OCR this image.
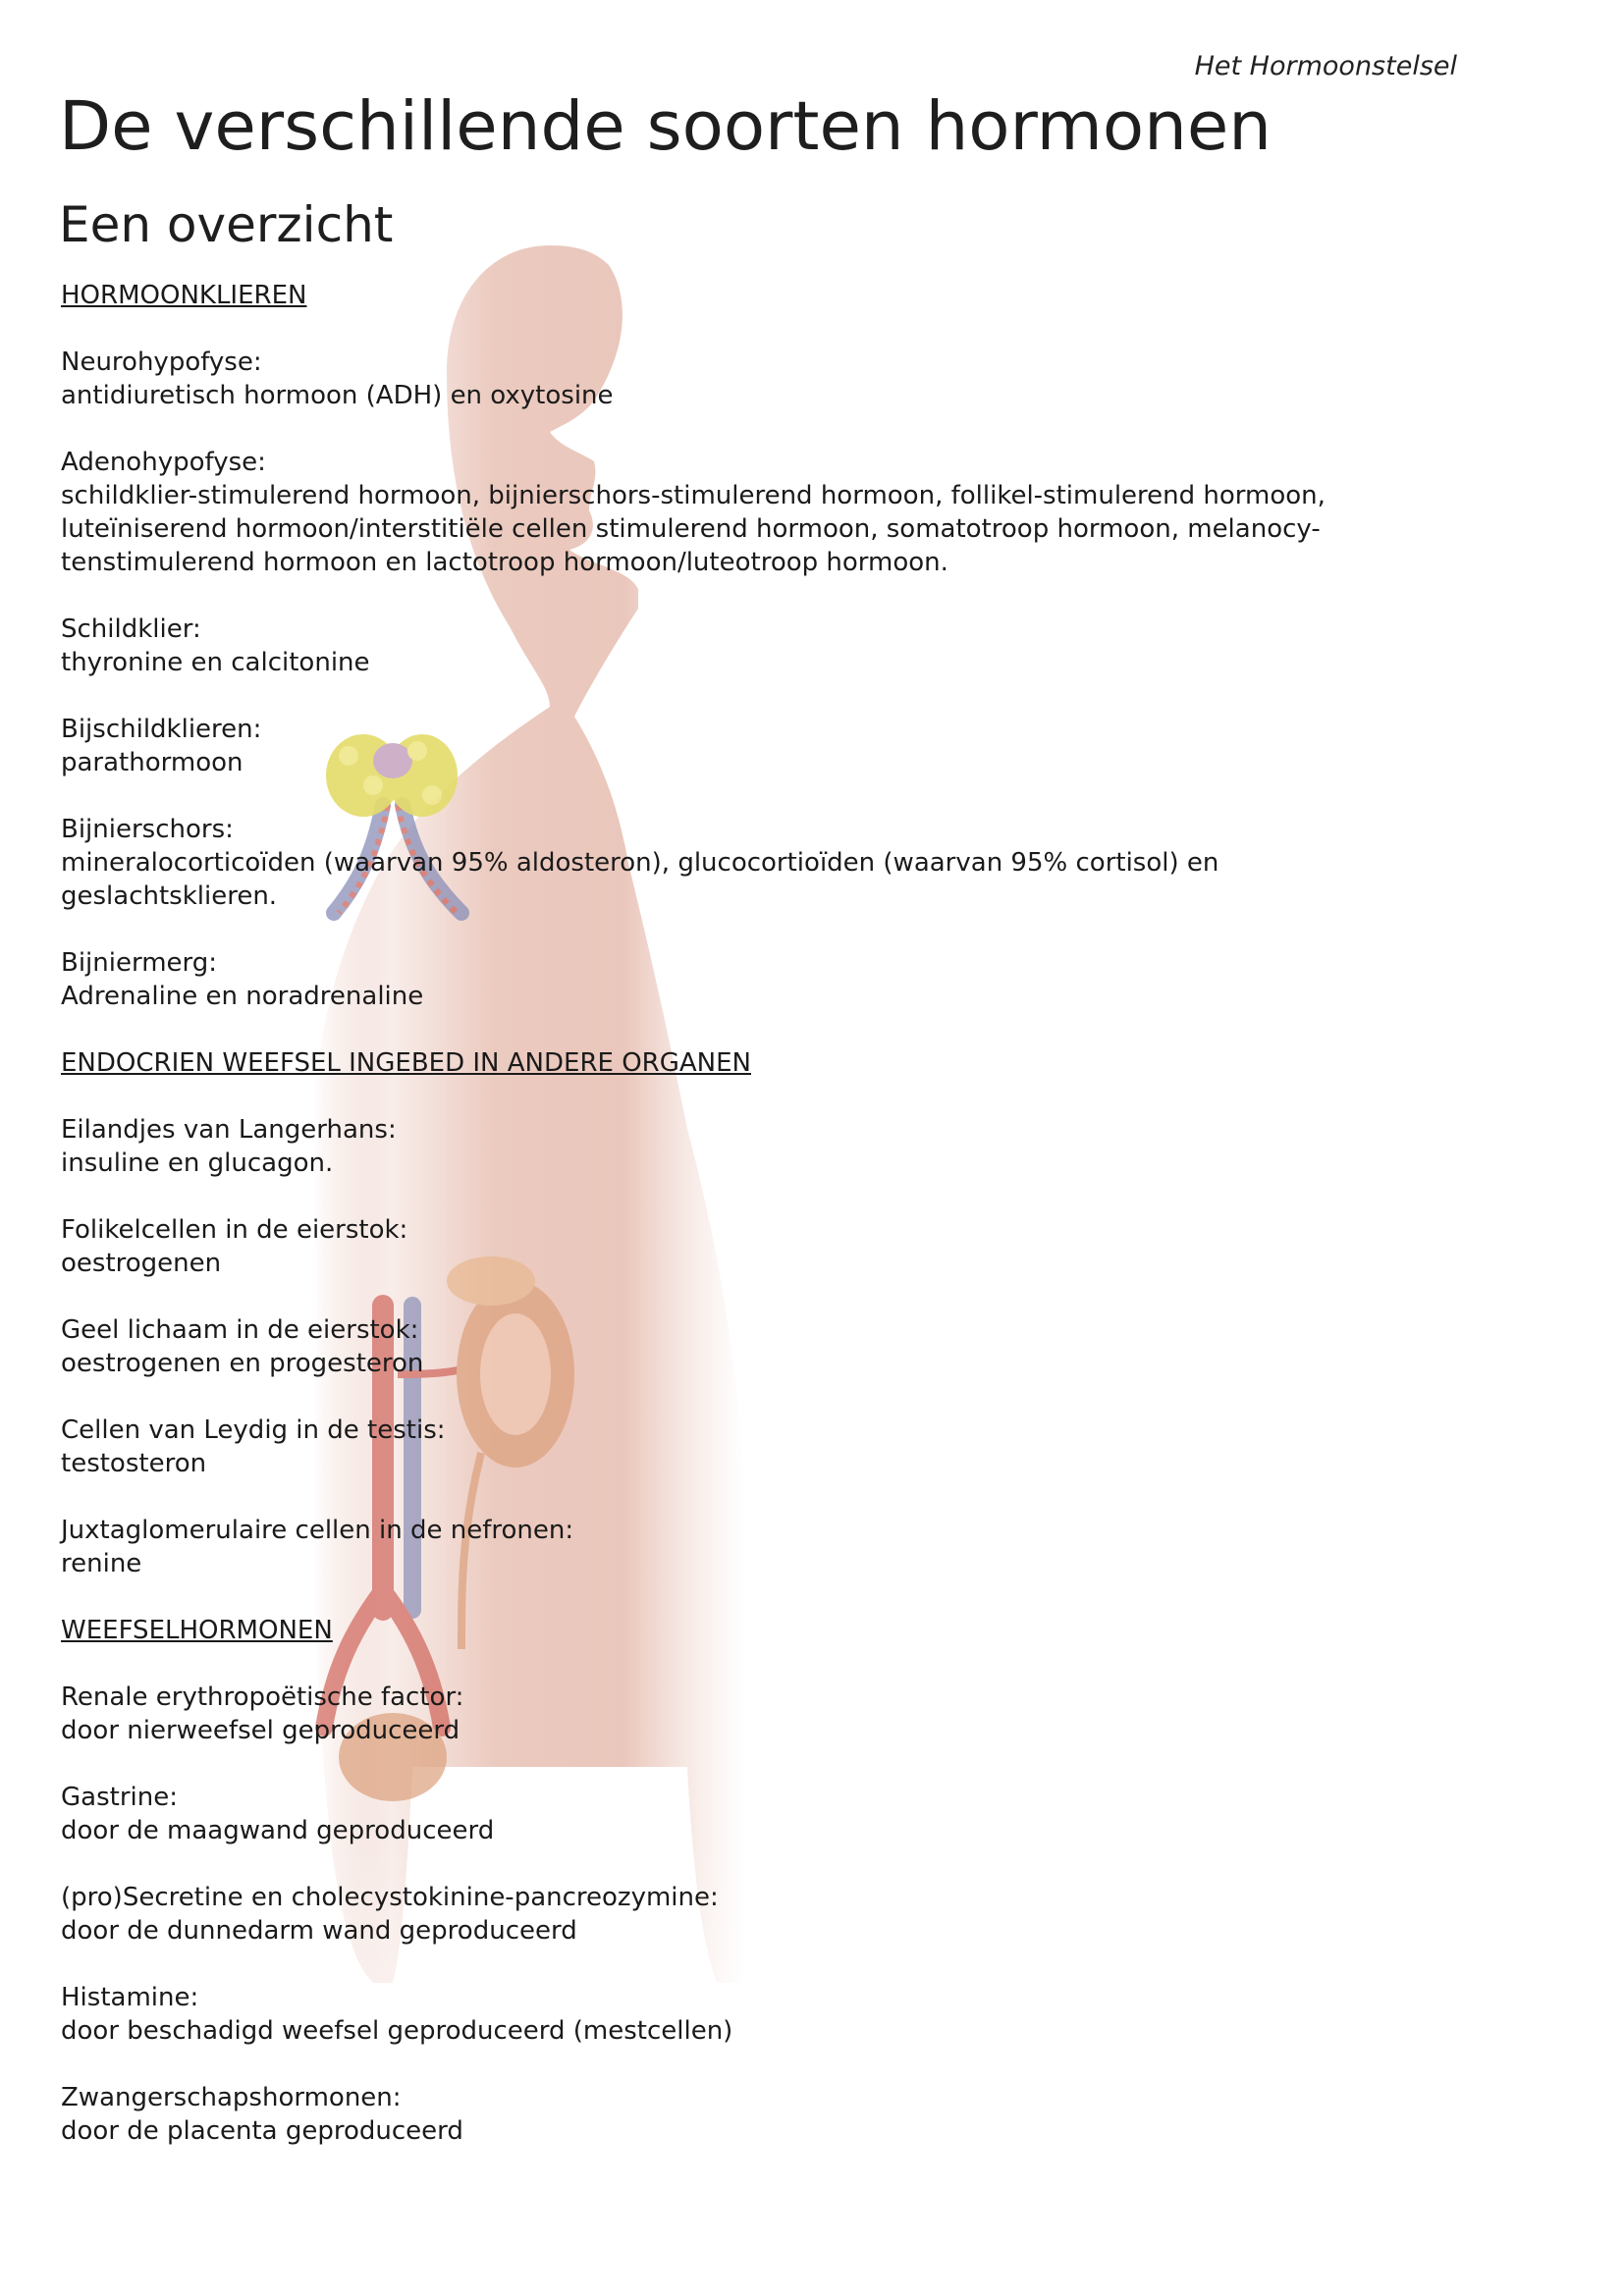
Het Hormoonstelsel
De verschillende soorten hormonen
Een overzicht
HORMOONKLIEREN
Neurohypofyse:
antidiuretisch hormoon (ADH) en oxytosine
Adenohypofyse:
schildklier-stimulerend hormoon, bijnierschors-stimulerend hormoon, follikel-stimulerend hormoon,
luteïniserend hormoon/interstitiële cellen stimulerend hormoon, somatotroop hormoon, melanocy-
tenstimulerend hormoon en lactotroop hormoon/luteotroop hormoon.
Schildklier:
thyronine en calcitonine
Bijschildklieren:
parathormoon
Bijnierschors:
mineralocorticoïden (waarvan 95% aldosteron), glucocortioïden (waarvan 95% cortisol) en
geslachtsklieren.
Bijniermerg:
Adrenaline en noradrenaline
ENDOCRIEN WEEFSEL INGEBED IN ANDERE ORGANEN
Eilandjes van Langerhans:
insuline en glucagon.
Folikelcellen in de eierstok:
oestrogenen
Geel lichaam in de eierstok:
oestrogenen en progesteron
Cellen van Leydig in de testis:
testosteron
Juxtaglomerulaire cellen in de nefronen:
renine
WEEFSELHORMONEN
Renale erythropoëtische factor:
door nierweefsel geproduceerd
Gastrine:
door de maagwand geproduceerd
(pro)Secretine en cholecystokinine-pancreozymine:
door de dunnedarm wand geproduceerd
Histamine:
door beschadigd weefsel geproduceerd (mestcellen)
Zwangerschapshormonen:
door de placenta geproduceerd
